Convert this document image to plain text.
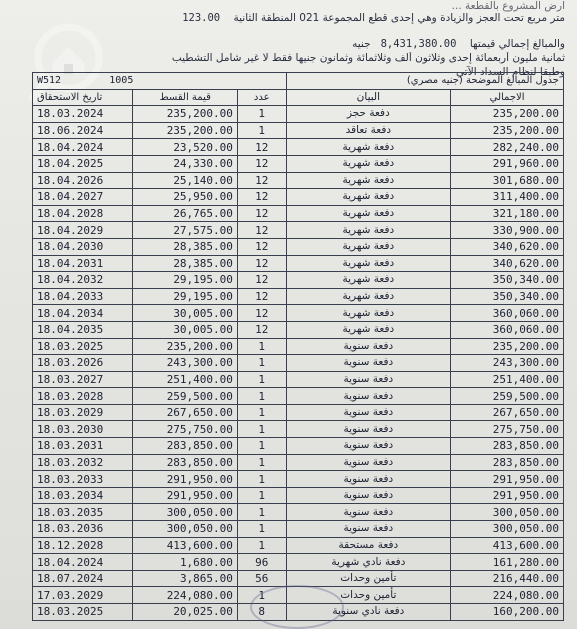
ارض المشروع بالقطعة ...
متر مربع تحت العجز والزيادة وهي إحدى قطع المجموعة 021 المنطقة الثانية    123.00
والمبالغ إجمالي قيمتها    8,431,380.00   جنيه
ثمانية مليون أربعمائة إحدى وثلاثون ألف وثلاثمائة وثمانون جنيها فقط لا غير شامل التشطيب
وطبقا لنظام السداد الآتي
W512 1005			جدول المبالغ الموضحة (جنيه مصري)	
تاريخ الاستحقاق	قيمة القسط	عدد	البيان	الاجمالي
18.03.2024	235,200.00	1	دفعة حجز	235,200.00
18.06.2024	235,200.00	1	دفعة تعاقد	235,200.00
18.04.2024	23,520.00	12	دفعة شهرية	282,240.00
18.04.2025	24,330.00	12	دفعة شهرية	291,960.00
18.04.2026	25,140.00	12	دفعة شهرية	301,680.00
18.04.2027	25,950.00	12	دفعة شهرية	311,400.00
18.04.2028	26,765.00	12	دفعة شهرية	321,180.00
18.04.2029	27,575.00	12	دفعة شهرية	330,900.00
18.04.2030	28,385.00	12	دفعة شهرية	340,620.00
18.04.2031	28,385.00	12	دفعة شهرية	340,620.00
18.04.2032	29,195.00	12	دفعة شهرية	350,340.00
18.04.2033	29,195.00	12	دفعة شهرية	350,340.00
18.04.2034	30,005.00	12	دفعة شهرية	360,060.00
18.04.2035	30,005.00	12	دفعة شهرية	360,060.00
18.03.2025	235,200.00	1	دفعة سنوية	235,200.00
18.03.2026	243,300.00	1	دفعة سنوية	243,300.00
18.03.2027	251,400.00	1	دفعة سنوية	251,400.00
18.03.2028	259,500.00	1	دفعة سنوية	259,500.00
18.03.2029	267,650.00	1	دفعة سنوية	267,650.00
18.03.2030	275,750.00	1	دفعة سنوية	275,750.00
18.03.2031	283,850.00	1	دفعة سنوية	283,850.00
18.03.2032	283,850.00	1	دفعة سنوية	283,850.00
18.03.2033	291,950.00	1	دفعة سنوية	291,950.00
18.03.2034	291,950.00	1	دفعة سنوية	291,950.00
18.03.2035	300,050.00	1	دفعة سنوية	300,050.00
18.03.2036	300,050.00	1	دفعة سنوية	300,050.00
18.12.2028	413,600.00	1	دفعة مستحقة	413,600.00
18.04.2024	1,680.00	96	دفعة نادي شهرية	161,280.00
18.07.2024	3,865.00	56	تأمين وحدات	216,440.00
17.03.2029	224,080.00	1	تأمين وحدات	224,080.00
18.03.2025	20,025.00	8	دفعة نادي سنوية	160,200.00
